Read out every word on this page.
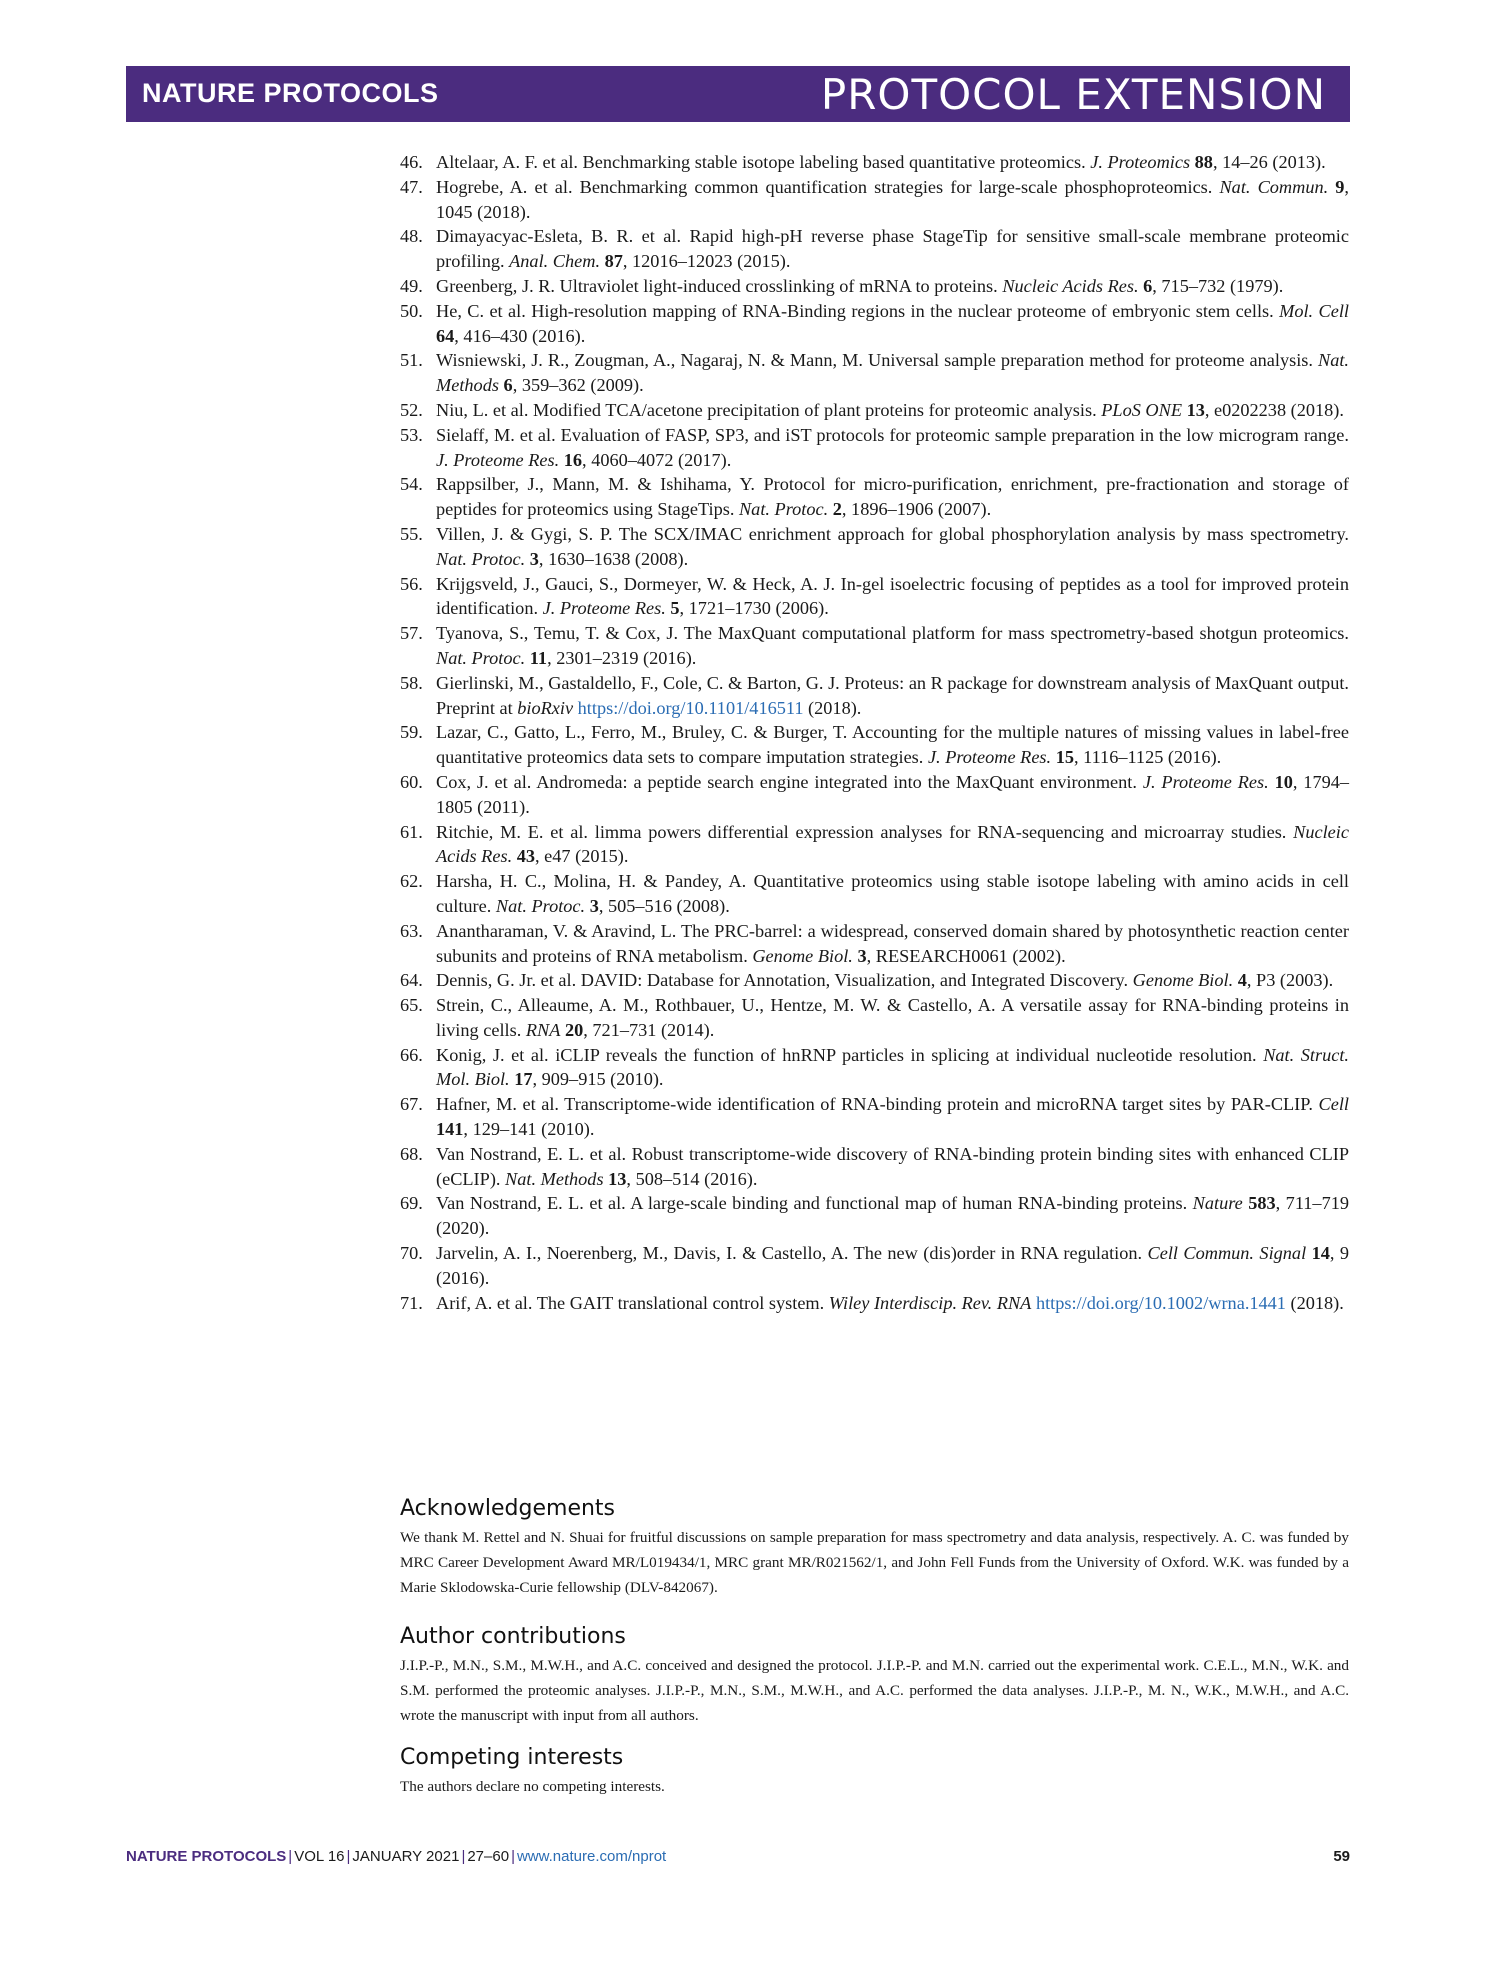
NATURE PROTOCOLS	PROTOCOL EXTENSION
46. Altelaar, A. F. et al. Benchmarking stable isotope labeling based quantitative proteomics. J. Proteomics 88, 14–26 (2013).
47. Hogrebe, A. et al. Benchmarking common quantification strategies for large-scale phosphoproteomics. Nat. Commun. 9, 1045 (2018).
48. Dimayacyac-Esleta, B. R. et al. Rapid high-pH reverse phase StageTip for sensitive small-scale membrane proteomic profiling. Anal. Chem. 87, 12016–12023 (2015).
49. Greenberg, J. R. Ultraviolet light-induced crosslinking of mRNA to proteins. Nucleic Acids Res. 6, 715–732 (1979).
50. He, C. et al. High-resolution mapping of RNA-Binding regions in the nuclear proteome of embryonic stem cells. Mol. Cell 64, 416–430 (2016).
51. Wisniewski, J. R., Zougman, A., Nagaraj, N. & Mann, M. Universal sample preparation method for proteome analysis. Nat. Methods 6, 359–362 (2009).
52. Niu, L. et al. Modified TCA/acetone precipitation of plant proteins for proteomic analysis. PLoS ONE 13, e0202238 (2018).
53. Sielaff, M. et al. Evaluation of FASP, SP3, and iST protocols for proteomic sample preparation in the low microgram range. J. Proteome Res. 16, 4060–4072 (2017).
54. Rappsilber, J., Mann, M. & Ishihama, Y. Protocol for micro-purification, enrichment, pre-fractionation and storage of peptides for proteomics using StageTips. Nat. Protoc. 2, 1896–1906 (2007).
55. Villen, J. & Gygi, S. P. The SCX/IMAC enrichment approach for global phosphorylation analysis by mass spectrometry. Nat. Protoc. 3, 1630–1638 (2008).
56. Krijgsveld, J., Gauci, S., Dormeyer, W. & Heck, A. J. In-gel isoelectric focusing of peptides as a tool for improved protein identification. J. Proteome Res. 5, 1721–1730 (2006).
57. Tyanova, S., Temu, T. & Cox, J. The MaxQuant computational platform for mass spectrometry-based shotgun proteomics. Nat. Protoc. 11, 2301–2319 (2016).
58. Gierlinski, M., Gastaldello, F., Cole, C. & Barton, G. J. Proteus: an R package for downstream analysis of MaxQuant output. Preprint at bioRxiv https://doi.org/10.1101/416511 (2018).
59. Lazar, C., Gatto, L., Ferro, M., Bruley, C. & Burger, T. Accounting for the multiple natures of missing values in label-free quantitative proteomics data sets to compare imputation strategies. J. Proteome Res. 15, 1116–1125 (2016).
60. Cox, J. et al. Andromeda: a peptide search engine integrated into the MaxQuant environment. J. Proteome Res. 10, 1794–1805 (2011).
61. Ritchie, M. E. et al. limma powers differential expression analyses for RNA-sequencing and microarray studies. Nucleic Acids Res. 43, e47 (2015).
62. Harsha, H. C., Molina, H. & Pandey, A. Quantitative proteomics using stable isotope labeling with amino acids in cell culture. Nat. Protoc. 3, 505–516 (2008).
63. Anantharaman, V. & Aravind, L. The PRC-barrel: a widespread, conserved domain shared by photosynthetic reaction center subunits and proteins of RNA metabolism. Genome Biol. 3, RESEARCH0061 (2002).
64. Dennis, G. Jr. et al. DAVID: Database for Annotation, Visualization, and Integrated Discovery. Genome Biol. 4, P3 (2003).
65. Strein, C., Alleaume, A. M., Rothbauer, U., Hentze, M. W. & Castello, A. A versatile assay for RNA-binding proteins in living cells. RNA 20, 721–731 (2014).
66. Konig, J. et al. iCLIP reveals the function of hnRNP particles in splicing at individual nucleotide resolution. Nat. Struct. Mol. Biol. 17, 909–915 (2010).
67. Hafner, M. et al. Transcriptome-wide identification of RNA-binding protein and microRNA target sites by PAR-CLIP. Cell 141, 129–141 (2010).
68. Van Nostrand, E. L. et al. Robust transcriptome-wide discovery of RNA-binding protein binding sites with enhanced CLIP (eCLIP). Nat. Methods 13, 508–514 (2016).
69. Van Nostrand, E. L. et al. A large-scale binding and functional map of human RNA-binding proteins. Nature 583, 711–719 (2020).
70. Jarvelin, A. I., Noerenberg, M., Davis, I. & Castello, A. The new (dis)order in RNA regulation. Cell Commun. Signal 14, 9 (2016).
71. Arif, A. et al. The GAIT translational control system. Wiley Interdiscip. Rev. RNA https://doi.org/10.1002/wrna.1441 (2018).
Acknowledgements

We thank M. Rettel and N. Shuai for fruitful discussions on sample preparation for mass spectrometry and data analysis, respectively. A. C. was funded by MRC Career Development Award MR/L019434/1, MRC grant MR/R021562/1, and John Fell Funds from the University of Oxford. W.K. was funded by a Marie Sklodowska-Curie fellowship (DLV-842067).

Author contributions

J.I.P.-P., M.N., S.M., M.W.H., and A.C. conceived and designed the protocol. J.I.P.-P. and M.N. carried out the experimental work. C.E.L., M.N., W.K. and S.M. performed the proteomic analyses. J.I.P.-P., M.N., S.M., M.W.H., and A.C. performed the data analyses. J.I.P.-P., M. N., W.K., M.W.H., and A.C. wrote the manuscript with input from all authors.

Competing interests

The authors declare no competing interests.

NATURE PROTOCOLS | VOL 16 | JANUARY 2021 | 27–60 | www.nature.com/nprot	59
